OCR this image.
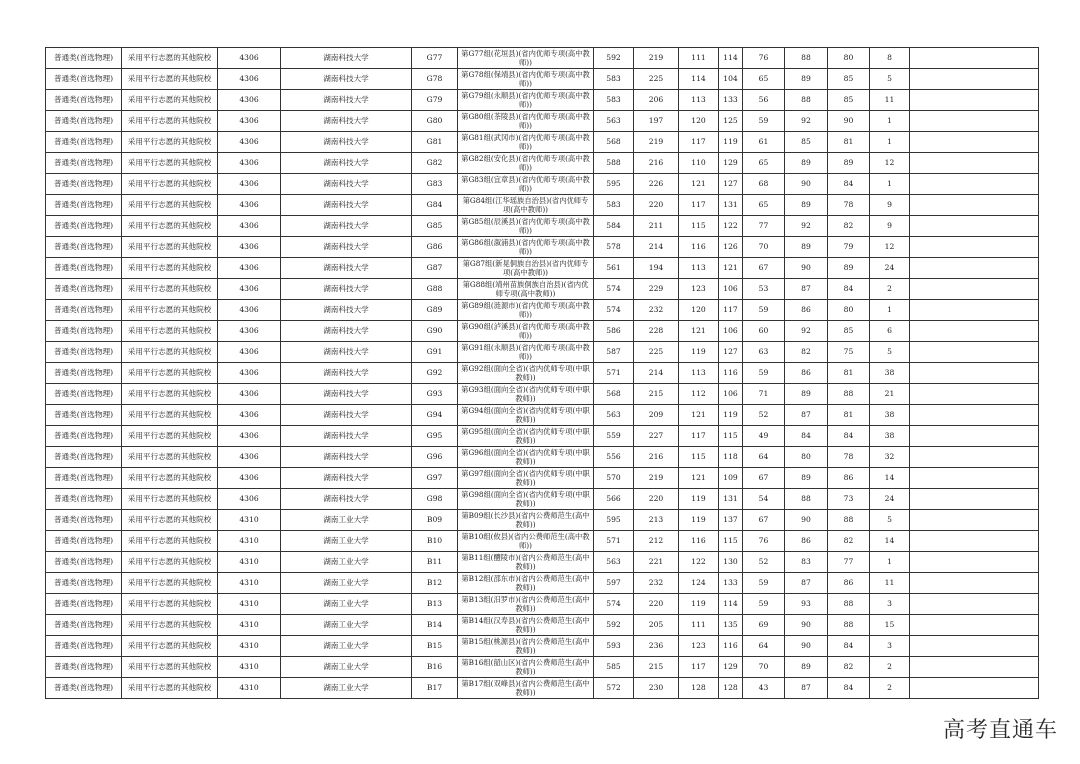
普通类(首选物理)	采用平行志愿的其他院校	4306	湖南科技大学	G77	第G77组(花垣县)(省内优师专项(高中教师))	592	219	111	114	76	88	80	8	
普通类(首选物理)	采用平行志愿的其他院校	4306	湖南科技大学	G78	第G78组(保靖县)(省内优师专项(高中教师))	583	225	114	104	65	89	85	5	
普通类(首选物理)	采用平行志愿的其他院校	4306	湖南科技大学	G79	第G79组(永顺县)(省内优师专项(高中教师))	583	206	113	133	56	88	85	11	
普通类(首选物理)	采用平行志愿的其他院校	4306	湖南科技大学	G80	第G80组(茶陵县)(省内优师专项(高中教师))	563	197	120	125	59	92	90	1	
普通类(首选物理)	采用平行志愿的其他院校	4306	湖南科技大学	G81	第G81组(武冈市)(省内优师专项(高中教师))	568	219	117	119	61	85	81	1	
普通类(首选物理)	采用平行志愿的其他院校	4306	湖南科技大学	G82	第G82组(安化县)(省内优师专项(高中教师))	588	216	110	129	65	89	89	12	
普通类(首选物理)	采用平行志愿的其他院校	4306	湖南科技大学	G83	第G83组(宜章县)(省内优师专项(高中教师))	595	226	121	127	68	90	84	1	
普通类(首选物理)	采用平行志愿的其他院校	4306	湖南科技大学	G84	第G84组(江华瑶族自治县)(省内优师专项(高中教师))	583	220	117	131	65	89	78	9	
普通类(首选物理)	采用平行志愿的其他院校	4306	湖南科技大学	G85	第G85组(辰溪县)(省内优师专项(高中教师))	584	211	115	122	77	92	82	9	
普通类(首选物理)	采用平行志愿的其他院校	4306	湖南科技大学	G86	第G86组(溆浦县)(省内优师专项(高中教师))	578	214	116	126	70	89	79	12	
普通类(首选物理)	采用平行志愿的其他院校	4306	湖南科技大学	G87	第G87组(新晃侗族自治县)(省内优师专项(高中教师))	561	194	113	121	67	90	89	24	
普通类(首选物理)	采用平行志愿的其他院校	4306	湖南科技大学	G88	第G88组(靖州苗族侗族自治县)(省内优师专项(高中教师))	574	229	123	106	53	87	84	2	
普通类(首选物理)	采用平行志愿的其他院校	4306	湖南科技大学	G89	第G89组(涟源市)(省内优师专项(高中教师))	574	232	120	117	59	86	80	1	
普通类(首选物理)	采用平行志愿的其他院校	4306	湖南科技大学	G90	第G90组(泸溪县)(省内优师专项(高中教师))	586	228	121	106	60	92	85	6	
普通类(首选物理)	采用平行志愿的其他院校	4306	湖南科技大学	G91	第G91组(永顺县)(省内优师专项(高中教师))	587	225	119	127	63	82	75	5	
普通类(首选物理)	采用平行志愿的其他院校	4306	湖南科技大学	G92	第G92组(面向全省)(省内优师专项(中职教师))	571	214	113	116	59	86	81	38	
普通类(首选物理)	采用平行志愿的其他院校	4306	湖南科技大学	G93	第G93组(面向全省)(省内优师专项(中职教师))	568	215	112	106	71	89	88	21	
普通类(首选物理)	采用平行志愿的其他院校	4306	湖南科技大学	G94	第G94组(面向全省)(省内优师专项(中职教师))	563	209	121	119	52	87	81	38	
普通类(首选物理)	采用平行志愿的其他院校	4306	湖南科技大学	G95	第G95组(面向全省)(省内优师专项(中职教师))	559	227	117	115	49	84	84	38	
普通类(首选物理)	采用平行志愿的其他院校	4306	湖南科技大学	G96	第G96组(面向全省)(省内优师专项(中职教师))	556	216	115	118	64	80	78	32	
普通类(首选物理)	采用平行志愿的其他院校	4306	湖南科技大学	G97	第G97组(面向全省)(省内优师专项(中职教师))	570	219	121	109	67	89	86	14	
普通类(首选物理)	采用平行志愿的其他院校	4306	湖南科技大学	G98	第G98组(面向全省)(省内优师专项(中职教师))	566	220	119	131	54	88	73	24	
普通类(首选物理)	采用平行志愿的其他院校	4310	湖南工业大学	B09	第B09组(长沙县)(省内公费师范生(高中教师))	595	213	119	137	67	90	88	5	
普通类(首选物理)	采用平行志愿的其他院校	4310	湖南工业大学	B10	第B10组(攸县)(省内公费师范生(高中教师))	571	212	116	115	76	86	82	14	
普通类(首选物理)	采用平行志愿的其他院校	4310	湖南工业大学	B11	第B11组(醴陵市)(省内公费师范生(高中教师))	563	221	122	130	52	83	77	1	
普通类(首选物理)	采用平行志愿的其他院校	4310	湖南工业大学	B12	第B12组(邵东市)(省内公费师范生(高中教师))	597	232	124	133	59	87	86	11	
普通类(首选物理)	采用平行志愿的其他院校	4310	湖南工业大学	B13	第B13组(汨罗市)(省内公费师范生(高中教师))	574	220	119	114	59	93	88	3	
普通类(首选物理)	采用平行志愿的其他院校	4310	湖南工业大学	B14	第B14组(汉寿县)(省内公费师范生(高中教师))	592	205	111	135	69	90	88	15	
普通类(首选物理)	采用平行志愿的其他院校	4310	湖南工业大学	B15	第B15组(桃源县)(省内公费师范生(高中教师))	593	236	123	116	64	90	84	3	
普通类(首选物理)	采用平行志愿的其他院校	4310	湖南工业大学	B16	第B16组(韶山区)(省内公费师范生(高中教师))	585	215	117	129	70	89	82	2	
普通类(首选物理)	采用平行志愿的其他院校	4310	湖南工业大学	B17	第B17组(双峰县)(省内公费师范生(高中教师))	572	230	128	128	43	87	84	2	
高考直通车
